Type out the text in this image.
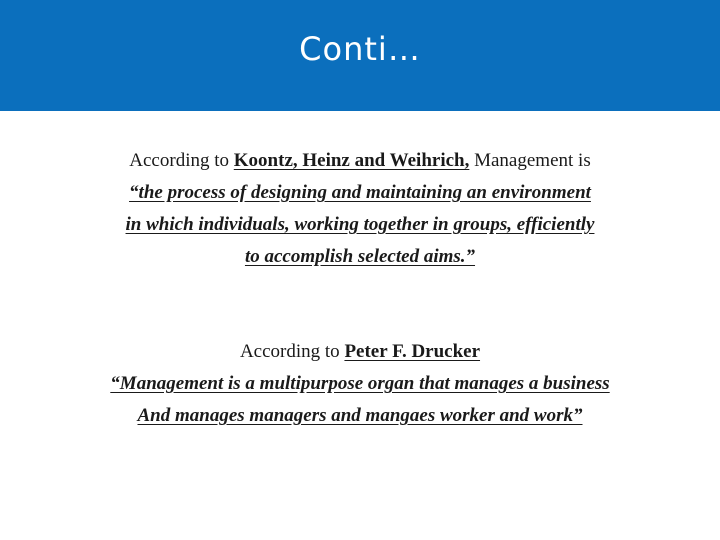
Conti…
According to Koontz, Heinz and Weihrich, Management is
“the process of designing and maintaining an environment
in which individuals, working together in groups, efficiently
to accomplish selected aims.”
According to Peter F. Drucker
“Management is a multipurpose organ that manages a business
And manages managers and mangaes worker and work”
